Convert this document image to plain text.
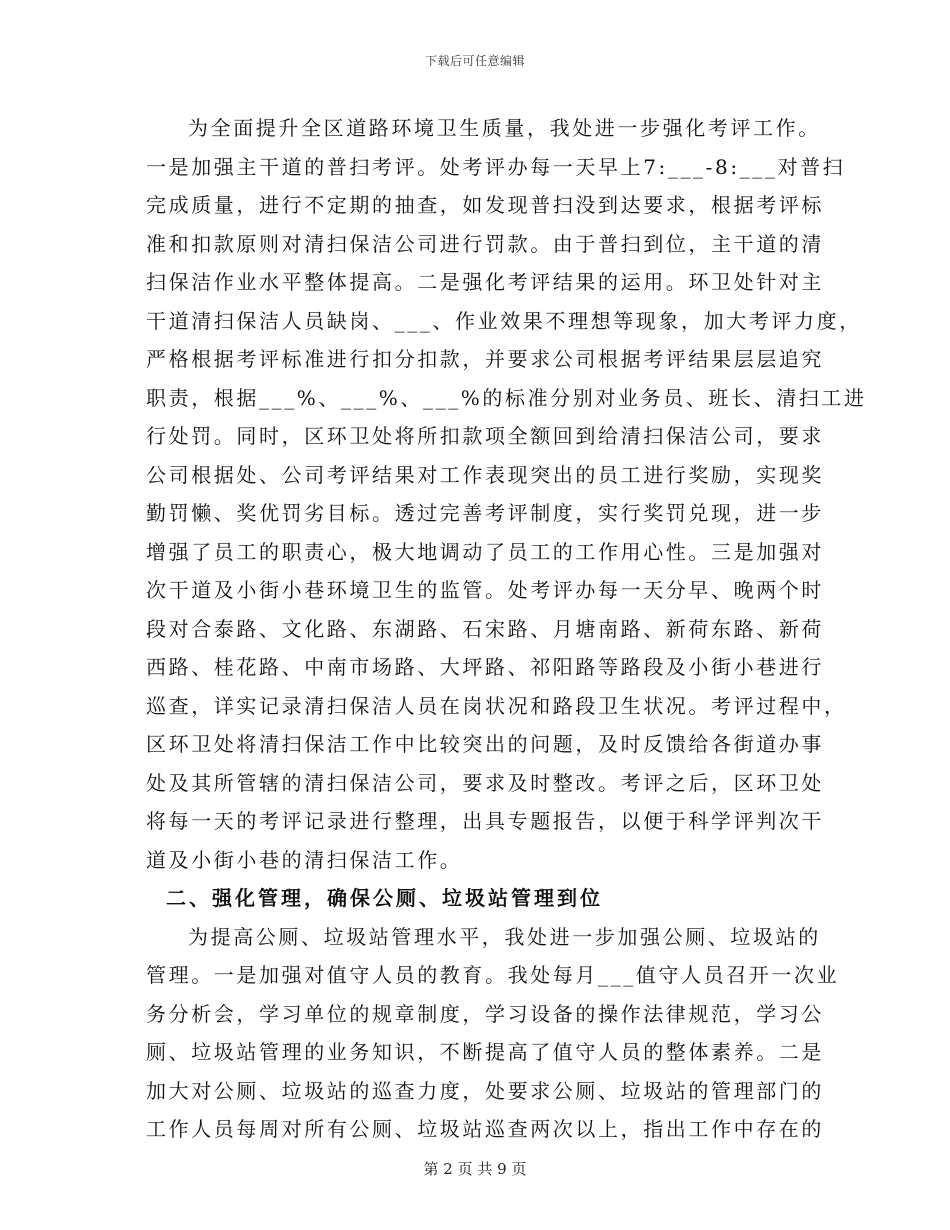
下载后可任意编辑
为全面提升全区道路环境卫生质量，我处进一步强化考评工作。
一是加强主干道的普扫考评。处考评办每一天早上7:___-8:___对普扫
完成质量，进行不定期的抽查，如发现普扫没到达要求，根据考评标
准和扣款原则对清扫保洁公司进行罚款。由于普扫到位，主干道的清
扫保洁作业水平整体提高。二是强化考评结果的运用。环卫处针对主
干道清扫保洁人员缺岗、___、作业效果不理想等现象，加大考评力度，
严格根据考评标准进行扣分扣款，并要求公司根据考评结果层层追究
职责，根据___%、___%、___%的标准分别对业务员、班长、清扫工进
行处罚。同时，区环卫处将所扣款项全额回到给清扫保洁公司，要求
公司根据处、公司考评结果对工作表现突出的员工进行奖励，实现奖
勤罚懒、奖优罚劣目标。透过完善考评制度，实行奖罚兑现，进一步
增强了员工的职责心，极大地调动了员工的工作用心性。三是加强对
次干道及小街小巷环境卫生的监管。处考评办每一天分早、晚两个时
段对合泰路、文化路、东湖路、石宋路、月塘南路、新荷东路、新荷
西路、桂花路、中南市场路、大坪路、祁阳路等路段及小街小巷进行
巡查，详实记录清扫保洁人员在岗状况和路段卫生状况。考评过程中，
区环卫处将清扫保洁工作中比较突出的问题，及时反馈给各街道办事
处及其所管辖的清扫保洁公司，要求及时整改。考评之后，区环卫处
将每一天的考评记录进行整理，出具专题报告，以便于科学评判次干
道及小街小巷的清扫保洁工作。
二、强化管理，确保公厕、垃圾站管理到位
为提高公厕、垃圾站管理水平，我处进一步加强公厕、垃圾站的
管理。一是加强对值守人员的教育。我处每月___值守人员召开一次业
务分析会，学习单位的规章制度，学习设备的操作法律规范，学习公
厕、垃圾站管理的业务知识，不断提高了值守人员的整体素养。二是
加大对公厕、垃圾站的巡查力度，处要求公厕、垃圾站的管理部门的
工作人员每周对所有公厕、垃圾站巡查两次以上，指出工作中存在的
第 2 页 共 9 页
